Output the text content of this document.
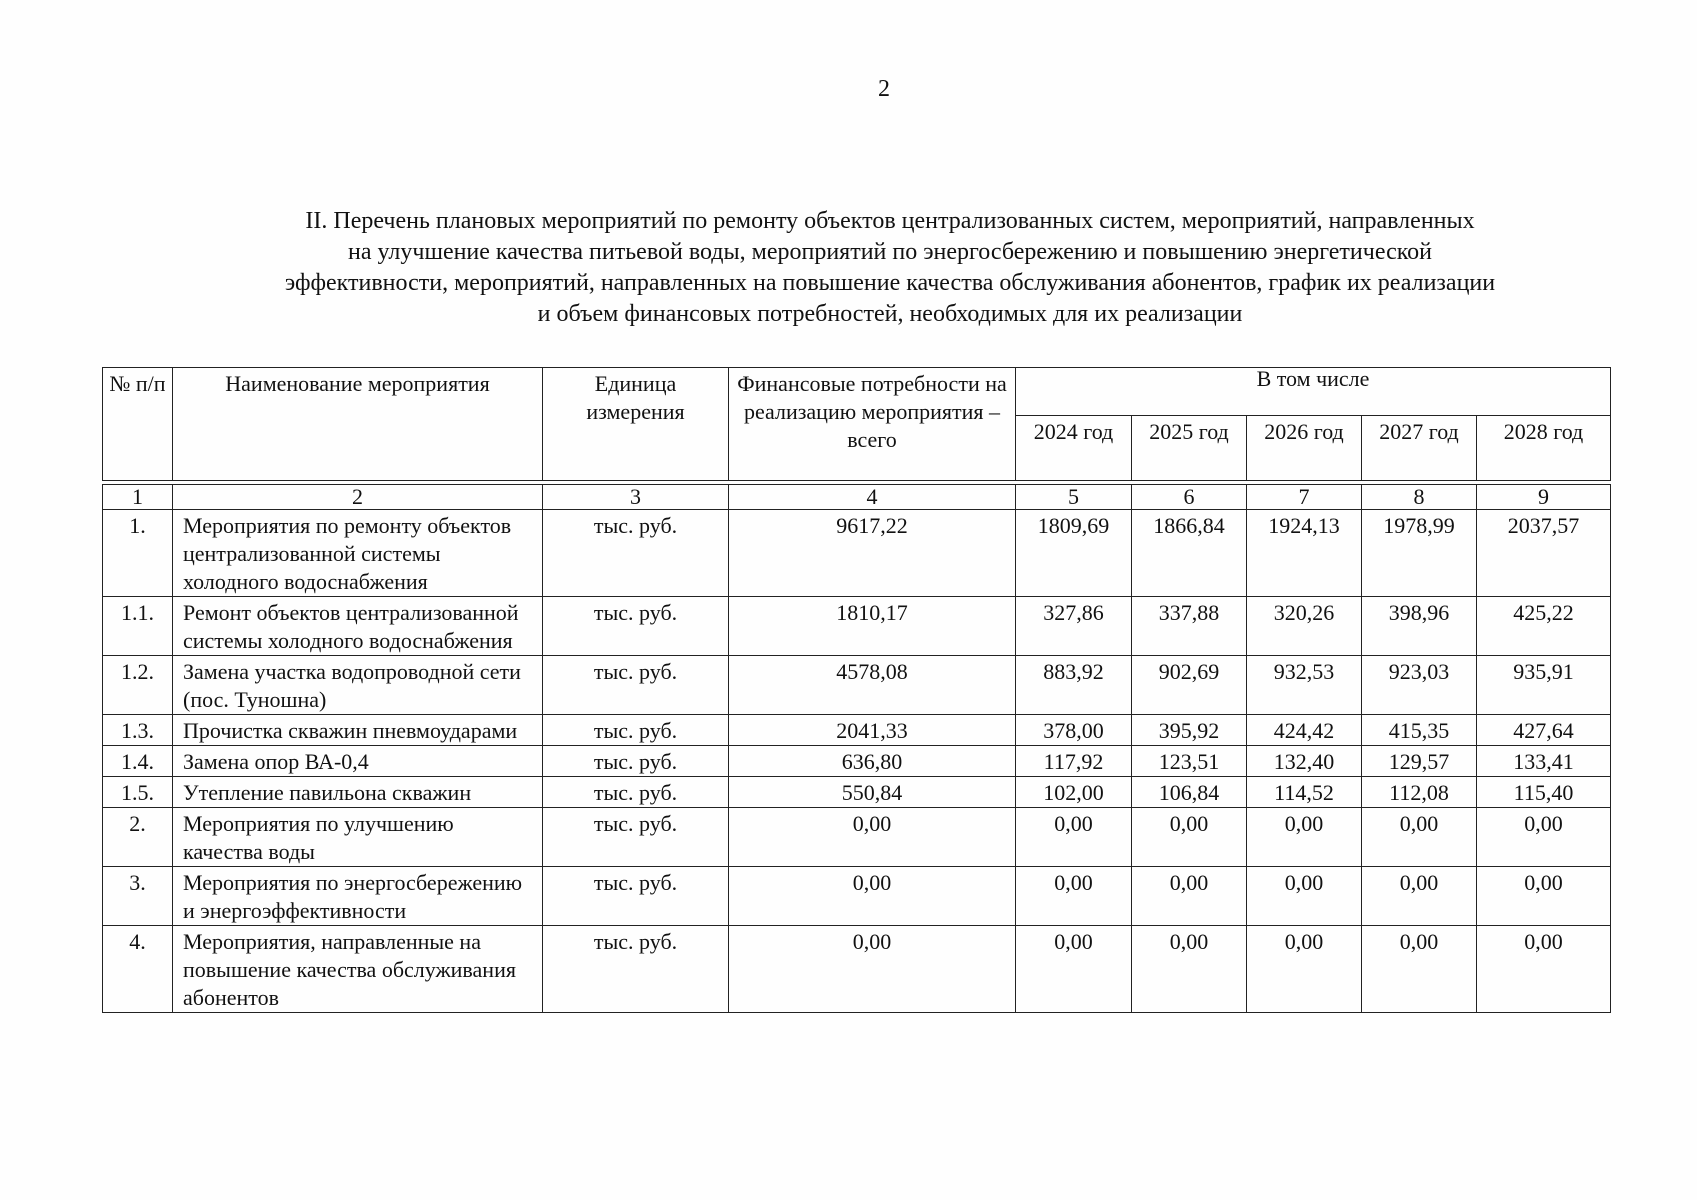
2
II. Перечень плановых мероприятий по ремонту объектов централизованных систем, мероприятий, направленных
на улучшение качества питьевой воды, мероприятий по энергосбережению и повышению энергетической
эффективности, мероприятий, направленных на повышение качества обслуживания абонентов, график их реализации
и объем финансовых потребностей, необходимых для их реализации
№ п/п	Наименование мероприятия	Единица измерения	Финансовые потребности на реализацию мероприятия – всего	В том числе				
				2024 год	2025 год	2026 год	2027 год	2028 год

1	2	3	4	5	6	7	8	9
1.	Мероприятия по ремонту объектов централизованной системы холодного водоснабжения	тыс. руб.	9617,22	1809,69	1866,84	1924,13	1978,99	2037,57
1.1.	Ремонт объектов централизованной системы холодного водоснабжения	тыс. руб.	1810,17	327,86	337,88	320,26	398,96	425,22
1.2.	Замена участка водопроводной сети (пос. Туношна)	тыс. руб.	4578,08	883,92	902,69	932,53	923,03	935,91
1.3.	Прочистка скважин пневмоударами	тыс. руб.	2041,33	378,00	395,92	424,42	415,35	427,64
1.4.	Замена опор ВА-0,4	тыс. руб.	636,80	117,92	123,51	132,40	129,57	133,41
1.5.	Утепление павильона скважин	тыс. руб.	550,84	102,00	106,84	114,52	112,08	115,40
2.	Мероприятия по улучшению качества воды	тыс. руб.	0,00	0,00	0,00	0,00	0,00	0,00
3.	Мероприятия по энергосбережению и энергоэффективности	тыс. руб.	0,00	0,00	0,00	0,00	0,00	0,00
4.	Мероприятия, направленные на повышение качества обслуживания абонентов	тыс. руб.	0,00	0,00	0,00	0,00	0,00	0,00
